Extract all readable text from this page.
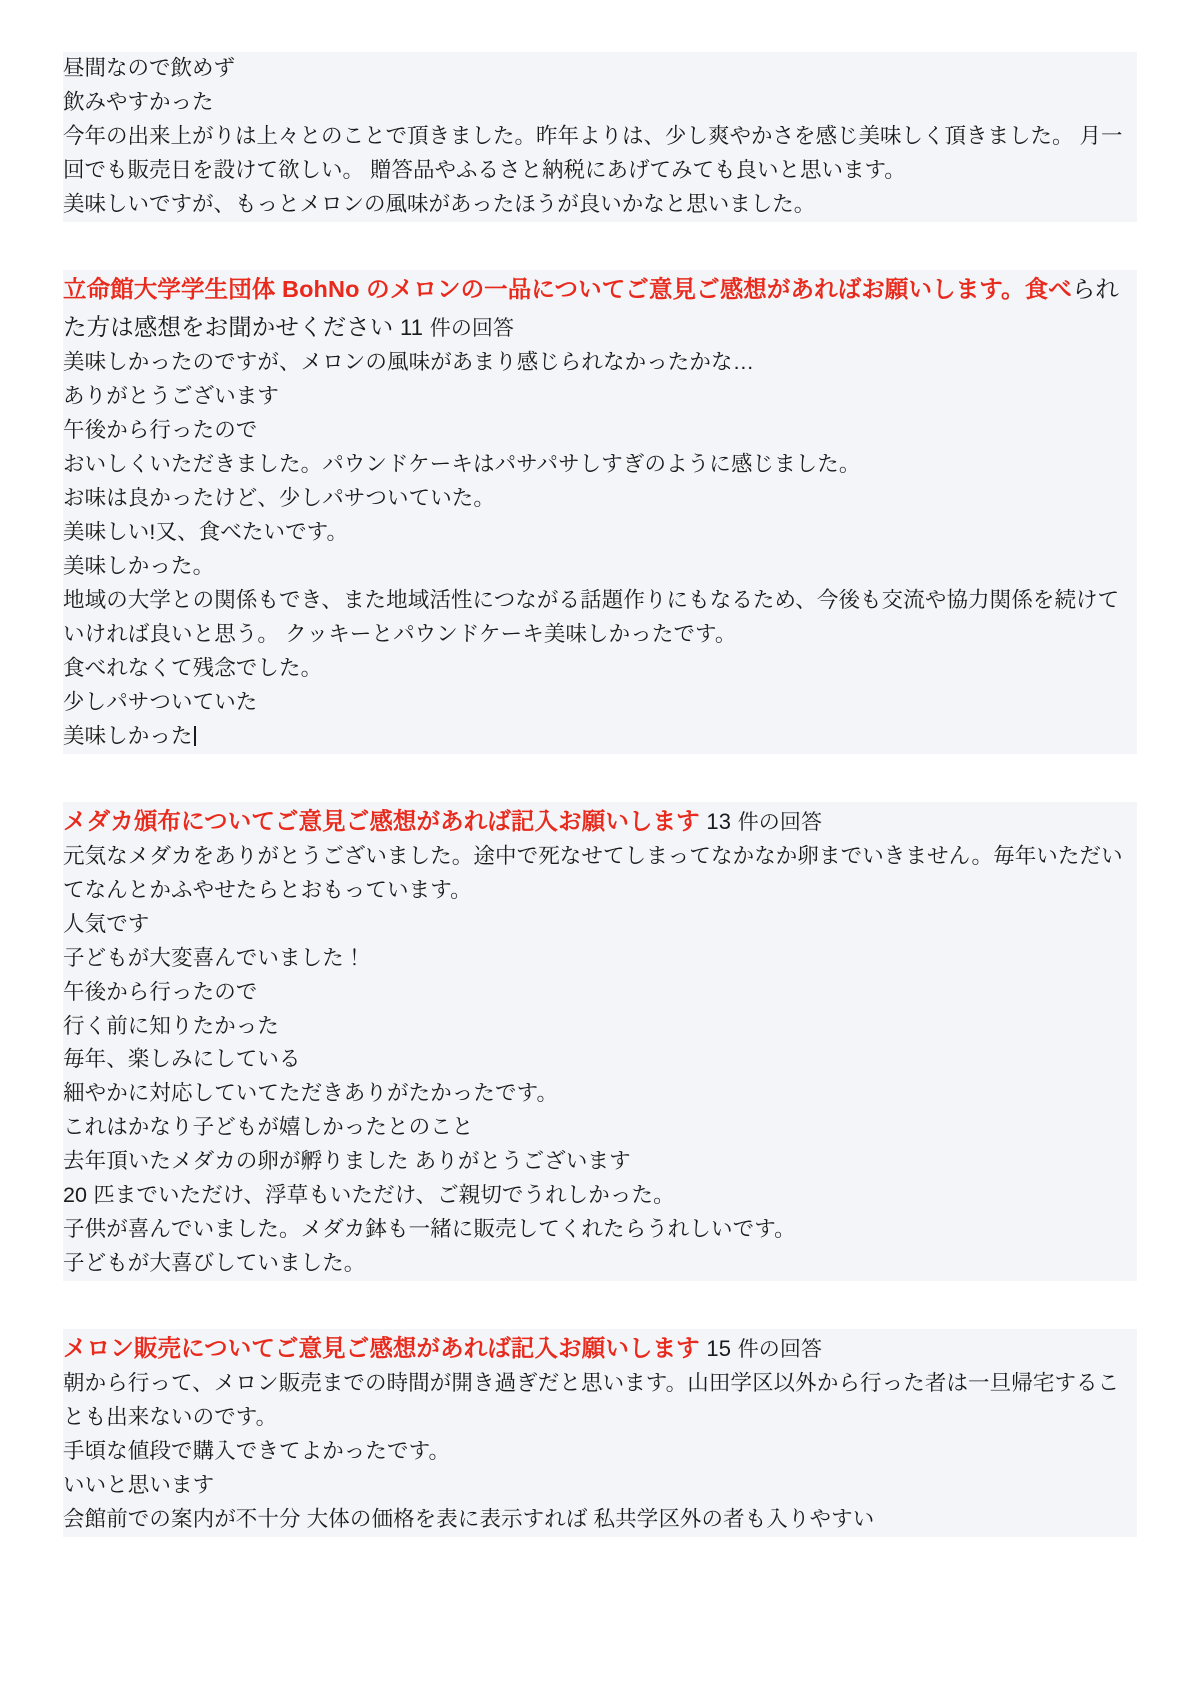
昼間なので飲めず

飲みやすかった

今年の出来上がりは上々とのことで頂きました。昨年よりは、少し爽やかさを感じ美味しく頂きました。 月一回でも販売日を設けて欲しい。 贈答品やふるさと納税にあげてみても良いと思います。

美味しいですが、もっとメロンの風味があったほうが良いかなと思いました。

立命館大学学生団体 BohNo のメロンの一品についてご意見ご感想があればお願いします。食べられた方は感想をお聞かせください 11 件の回答

美味しかったのですが、メロンの風味があまり感じられなかったかな…

ありがとうございます

午後から行ったので

おいしくいただきました。パウンドケーキはパサパサしすぎのように感じました。

お味は良かったけど、少しパサついていた。

美味しい!又、食べたいです。

美味しかった。

地域の大学との関係もでき、また地域活性につながる話題作りにもなるため、今後も交流や協力関係を続けていければ良いと思う。 クッキーとパウンドケーキ美味しかったです。

食べれなくて残念でした。

少しパサついていた

美味しかった

メダカ頒布についてご意見ご感想があれば記入お願いします 13 件の回答

元気なメダカをありがとうございました。途中で死なせてしまってなかなか卵までいきません。毎年いただいてなんとかふやせたらとおもっています。

人気です

子どもが大変喜んでいました！

午後から行ったので

行く前に知りたかった

毎年、楽しみにしている

細やかに対応していてただきありがたかったです。

これはかなり子どもが嬉しかったとのこと

去年頂いたメダカの卵が孵りました ありがとうございます

20 匹までいただけ、浮草もいただけ、ご親切でうれしかった。

子供が喜んでいました。メダカ鉢も一緒に販売してくれたらうれしいです。

子どもが大喜びしていました。

メロン販売についてご意見ご感想があれば記入お願いします 15 件の回答

朝から行って、メロン販売までの時間が開き過ぎだと思います。山田学区以外から行った者は一旦帰宅することも出来ないのです。

手頃な値段で購入できてよかったです。

いいと思います

会館前での案内が不十分 大体の価格を表に表示すれば 私共学区外の者も入りやすい
